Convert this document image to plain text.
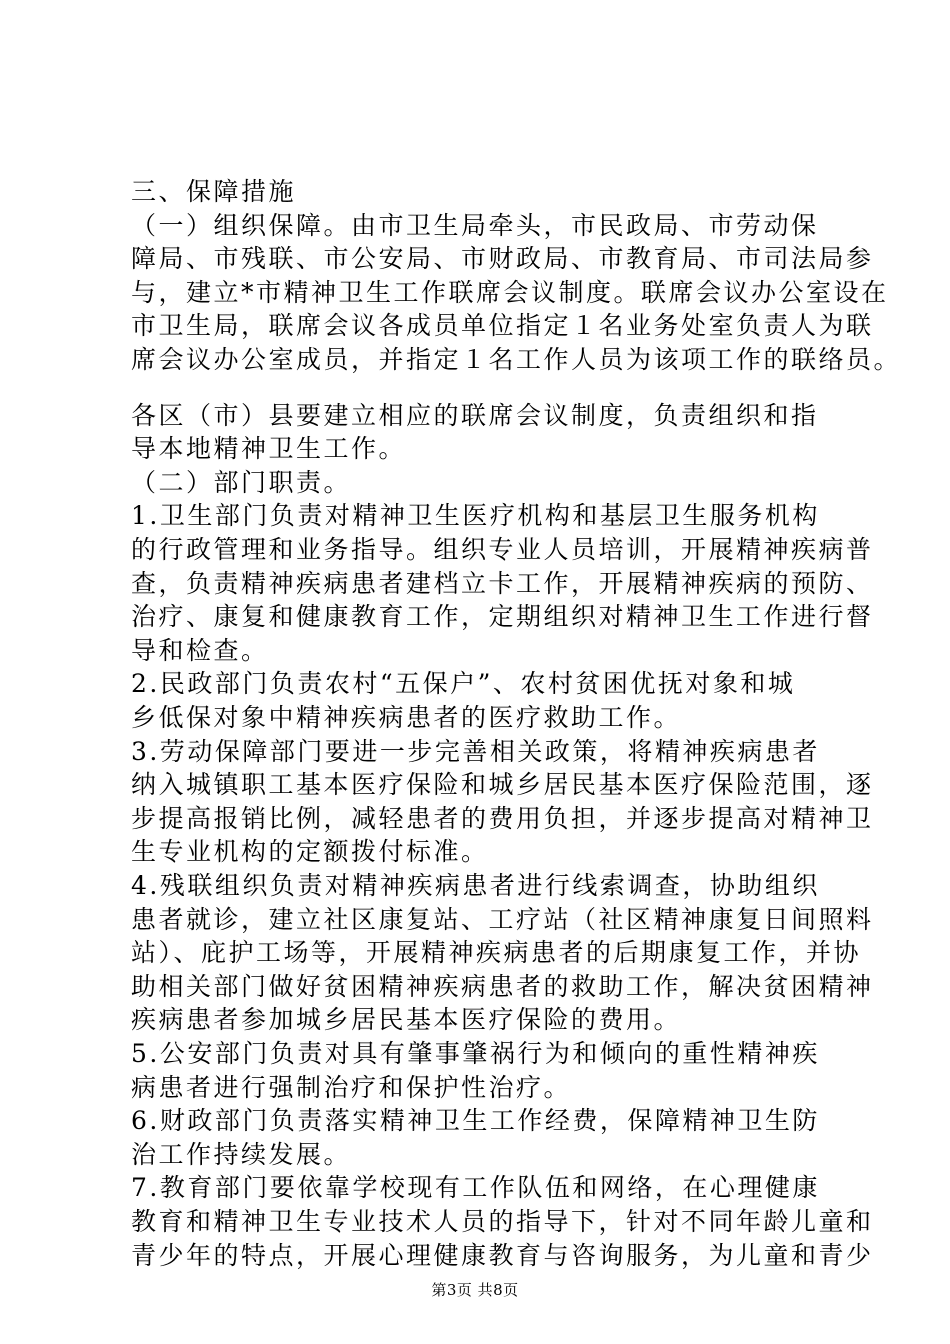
三、保障措施
（一）组织保障。由市卫生局牵头，市民政局、市劳动保
障局、市残联、市公安局、市财政局、市教育局、市司法局参
与，建立*市精神卫生工作联席会议制度。联席会议办公室设在
市卫生局，联席会议各成员单位指定１名业务处室负责人为联
席会议办公室成员，并指定１名工作人员为该项工作的联络员。
各区（市）县要建立相应的联席会议制度，负责组织和指
导本地精神卫生工作。
（二）部门职责。
1.卫生部门负责对精神卫生医疗机构和基层卫生服务机构
的行政管理和业务指导。组织专业人员培训，开展精神疾病普
查，负责精神疾病患者建档立卡工作，开展精神疾病的预防、
治疗、康复和健康教育工作，定期组织对精神卫生工作进行督
导和检查。
2.民政部门负责农村“五保户”、农村贫困优抚对象和城
乡低保对象中精神疾病患者的医疗救助工作。
3.劳动保障部门要进一步完善相关政策，将精神疾病患者
纳入城镇职工基本医疗保险和城乡居民基本医疗保险范围，逐
步提高报销比例，减轻患者的费用负担，并逐步提高对精神卫
生专业机构的定额拨付标准。
4.残联组织负责对精神疾病患者进行线索调查，协助组织
患者就诊，建立社区康复站、工疗站（社区精神康复日间照料
站）、庇护工场等，开展精神疾病患者的后期康复工作，并协
助相关部门做好贫困精神疾病患者的救助工作，解决贫困精神
疾病患者参加城乡居民基本医疗保险的费用。
5.公安部门负责对具有肇事肇祸行为和倾向的重性精神疾
病患者进行强制治疗和保护性治疗。
6.财政部门负责落实精神卫生工作经费，保障精神卫生防
治工作持续发展。
7.教育部门要依靠学校现有工作队伍和网络，在心理健康
教育和精神卫生专业技术人员的指导下，针对不同年龄儿童和
青少年的特点，开展心理健康教育与咨询服务，为儿童和青少
第3页 共8页
